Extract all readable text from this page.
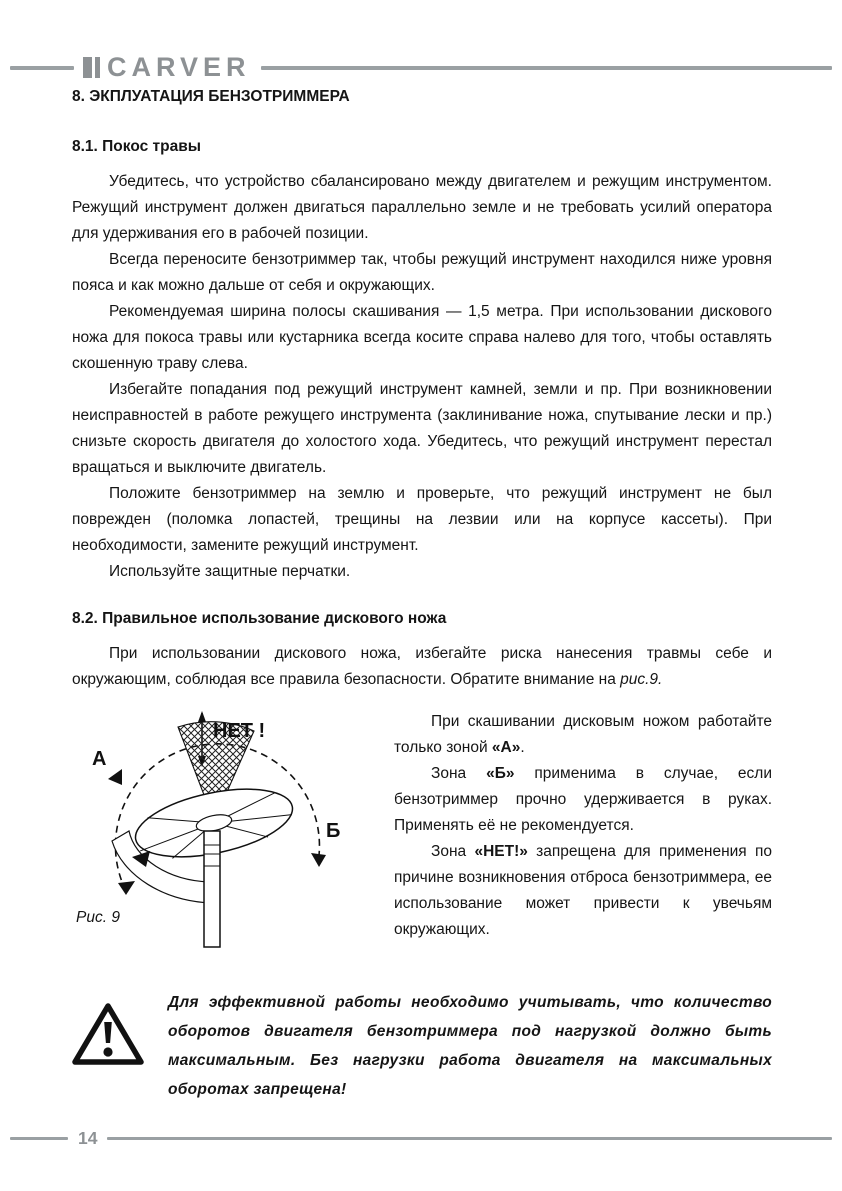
CARVER
8. ЭКПЛУАТАЦИЯ БЕНЗОТРИММЕРА
8.1. Покос травы

Убедитесь, что устройство сбалансировано между двигателем и режущим инструментом. Режущий инструмент должен двигаться параллельно земле и не требовать усилий оператора для удерживания его в рабочей позиции.

Всегда переносите бензотриммер так, чтобы режущий инструмент находился ниже уровня пояса и как можно дальше от себя и окружающих.

Рекомендуемая ширина полосы скашивания — 1,5 метра. При использовании дискового ножа для покоса травы или кустарника всегда косите справа налево для того, чтобы оставлять скошенную траву слева.

Избегайте попадания под режущий инструмент камней, земли и пр. При возникновении неисправностей в работе режущего инструмента (заклинивание ножа, спутывание лески и пр.) снизьте скорость двигателя до холостого хода. Убедитесь, что режущий инструмент перестал вращаться и выключите двигатель.

Положите бензотриммер на землю и проверьте, что режущий инструмент не был поврежден (поломка лопастей, трещины на лезвии или на корпусе кассеты). При необходимости, замените режущий инструмент.

Используйте защитные перчатки.

8.2. Правильное использование дискового ножа

При использовании дискового ножа, избегайте риска нанесения травмы себе и окружающим, соблюдая все правила безопасности. Обратите внимание на рис.9.

НЕТ !
А
Б
Рис. 9

При скашивании дисковым ножом работайте только зоной «А».

Зона «Б» применима в случае, если бензотриммер прочно удерживается в руках. Применять её не рекомендуется.

Зона «НЕТ!» запрещена для применения по причине возникновения отброса бензотриммера, ее использование может привести к увечьям окружающих.

Для эффективной работы необходимо учитывать, что количество оборотов двигателя бензотриммера под нагрузкой должно быть максимальным. Без нагрузки работа двигателя на максимальных оборотах запрещена!
14
